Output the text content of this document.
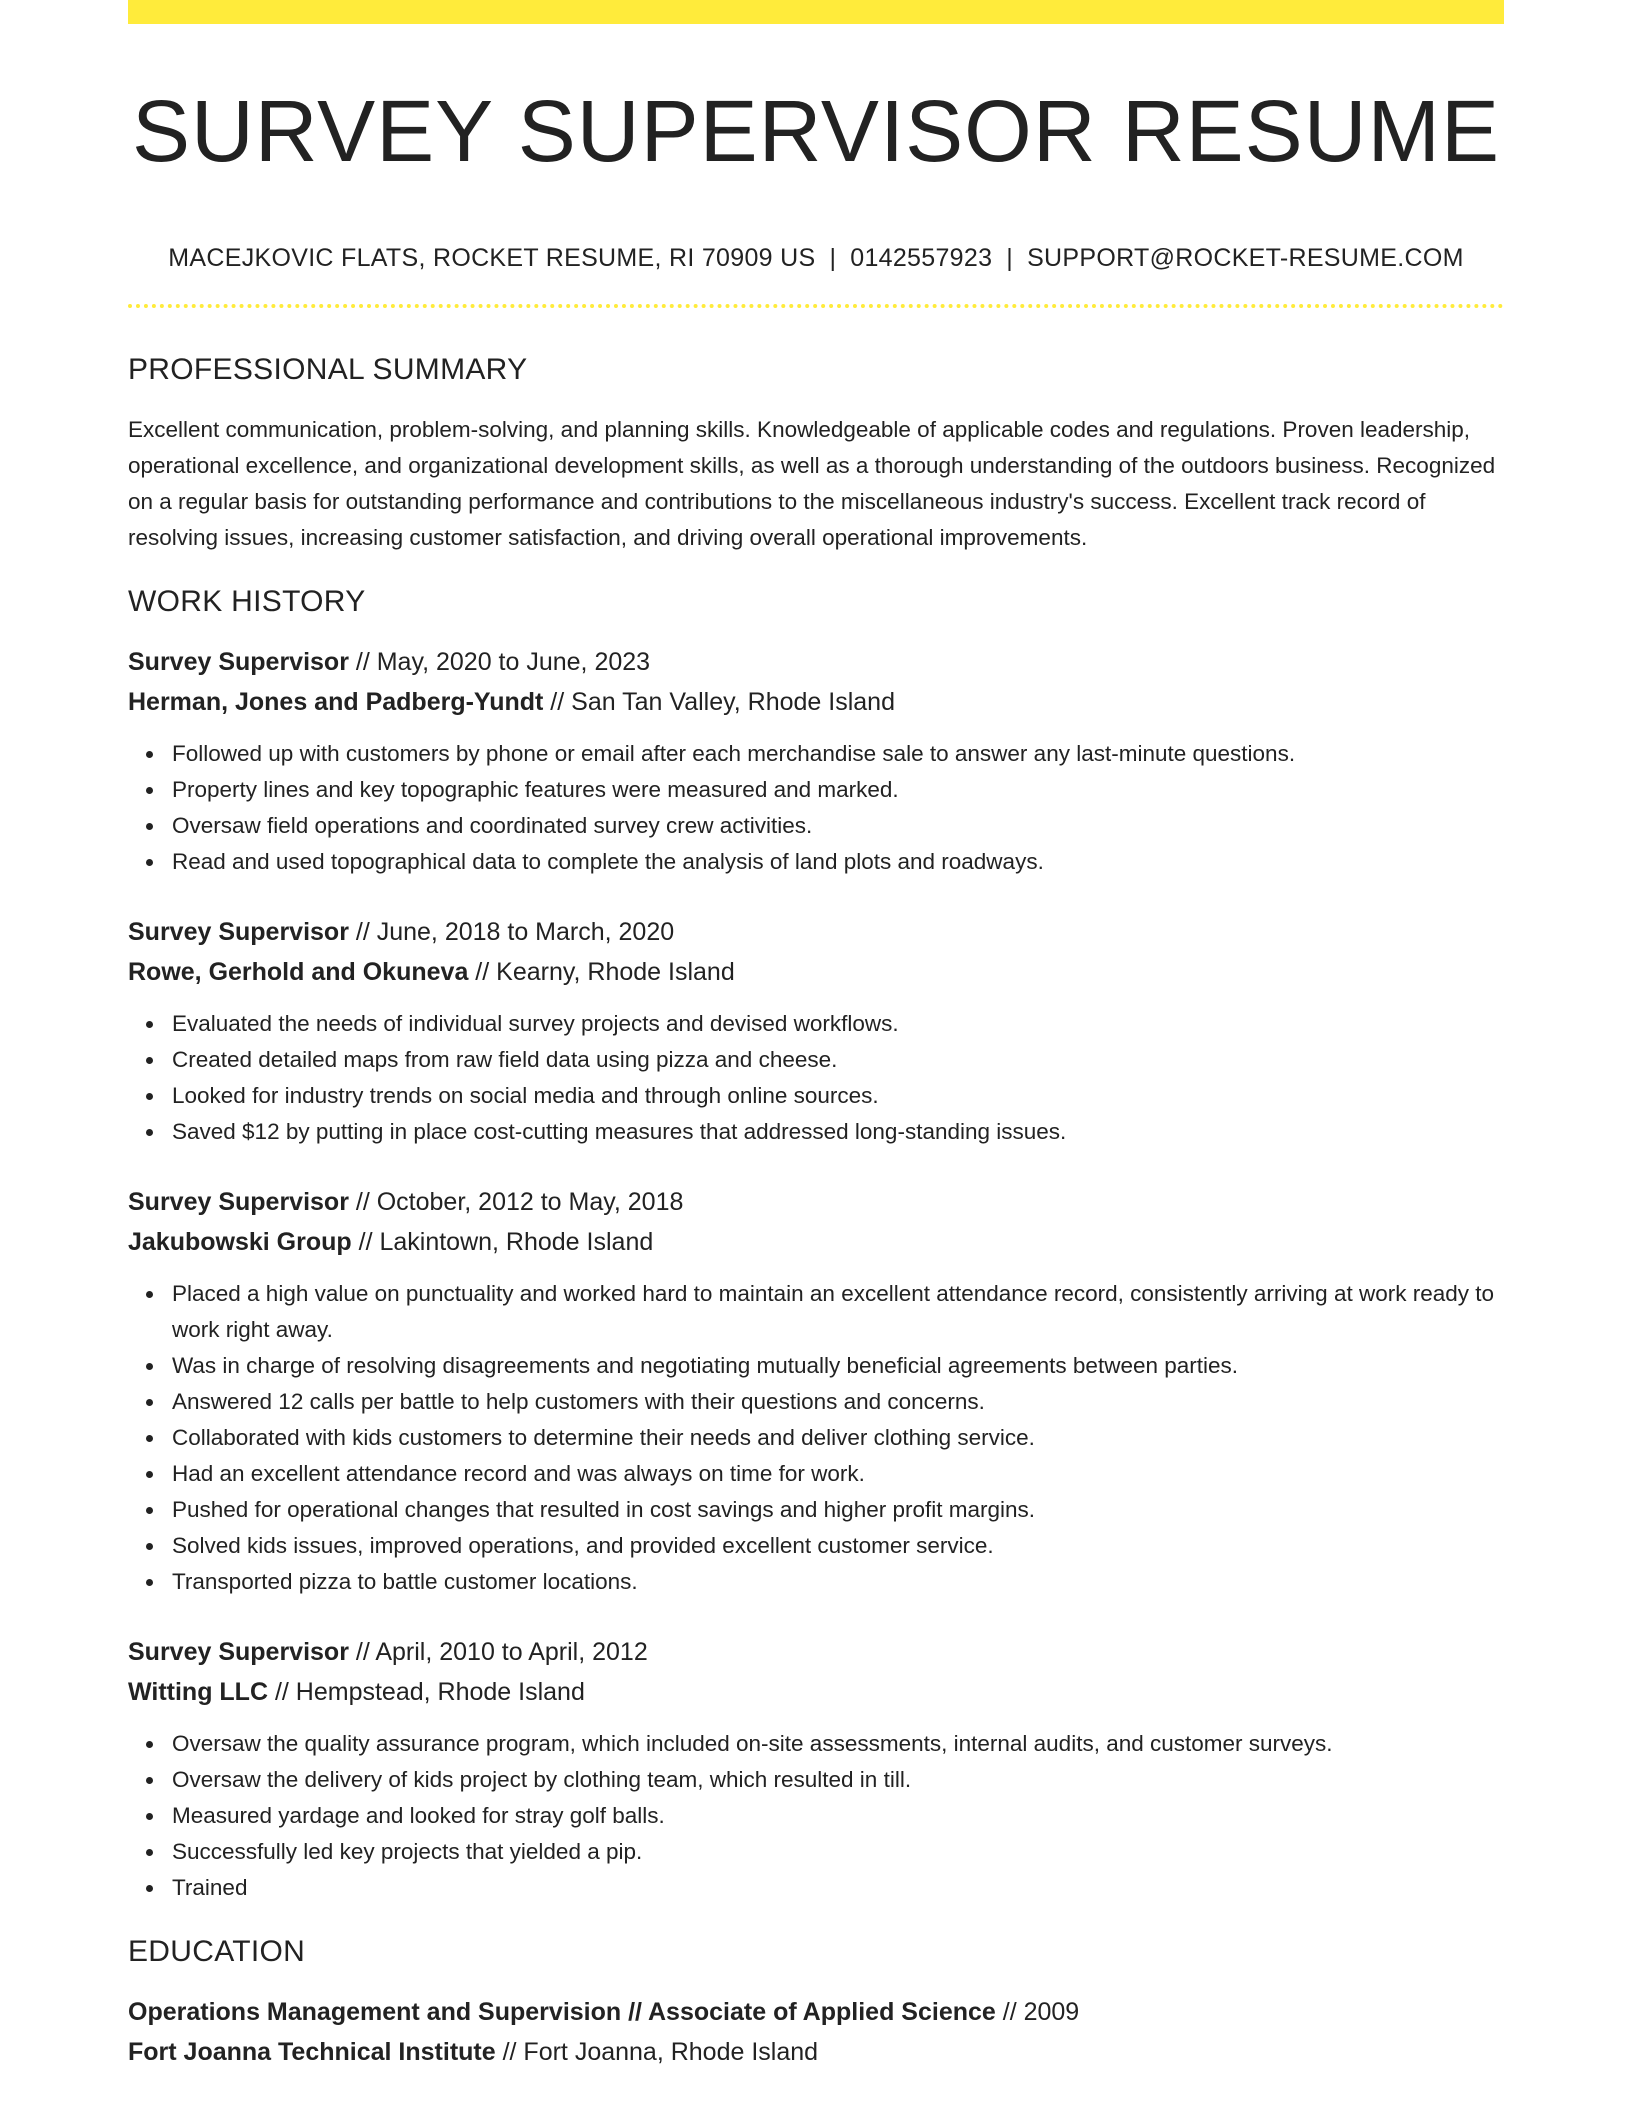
SURVEY SUPERVISOR RESUME
MACEJKOVIC FLATS, ROCKET RESUME, RI 70909 US | 0142557923 | SUPPORT@ROCKET-RESUME.COM
PROFESSIONAL SUMMARY
Excellent communication, problem-solving, and planning skills. Knowledgeable of applicable codes and regulations. Proven leadership, operational excellence, and organizational development skills, as well as a thorough understanding of the outdoors business. Recognized on a regular basis for outstanding performance and contributions to the miscellaneous industry's success. Excellent track record of resolving issues, increasing customer satisfaction, and driving overall operational improvements.
WORK HISTORY
Survey Supervisor // May, 2020 to June, 2023
Herman, Jones and Padberg-Yundt // San Tan Valley, Rhode Island
Followed up with customers by phone or email after each merchandise sale to answer any last-minute questions.
Property lines and key topographic features were measured and marked.
Oversaw field operations and coordinated survey crew activities.
Read and used topographical data to complete the analysis of land plots and roadways.
Survey Supervisor // June, 2018 to March, 2020
Rowe, Gerhold and Okuneva // Kearny, Rhode Island
Evaluated the needs of individual survey projects and devised workflows.
Created detailed maps from raw field data using pizza and cheese.
Looked for industry trends on social media and through online sources.
Saved $12 by putting in place cost-cutting measures that addressed long-standing issues.
Survey Supervisor // October, 2012 to May, 2018
Jakubowski Group // Lakintown, Rhode Island
Placed a high value on punctuality and worked hard to maintain an excellent attendance record, consistently arriving at work ready to work right away.
Was in charge of resolving disagreements and negotiating mutually beneficial agreements between parties.
Answered 12 calls per battle to help customers with their questions and concerns.
Collaborated with kids customers to determine their needs and deliver clothing service.
Had an excellent attendance record and was always on time for work.
Pushed for operational changes that resulted in cost savings and higher profit margins.
Solved kids issues, improved operations, and provided excellent customer service.
Transported pizza to battle customer locations.
Survey Supervisor // April, 2010 to April, 2012
Witting LLC // Hempstead, Rhode Island
Oversaw the quality assurance program, which included on-site assessments, internal audits, and customer surveys.
Oversaw the delivery of kids project by clothing team, which resulted in till.
Measured yardage and looked for stray golf balls.
Successfully led key projects that yielded a pip.
Trained
EDUCATION
Operations Management and Supervision // Associate of Applied Science // 2009
Fort Joanna Technical Institute // Fort Joanna, Rhode Island
